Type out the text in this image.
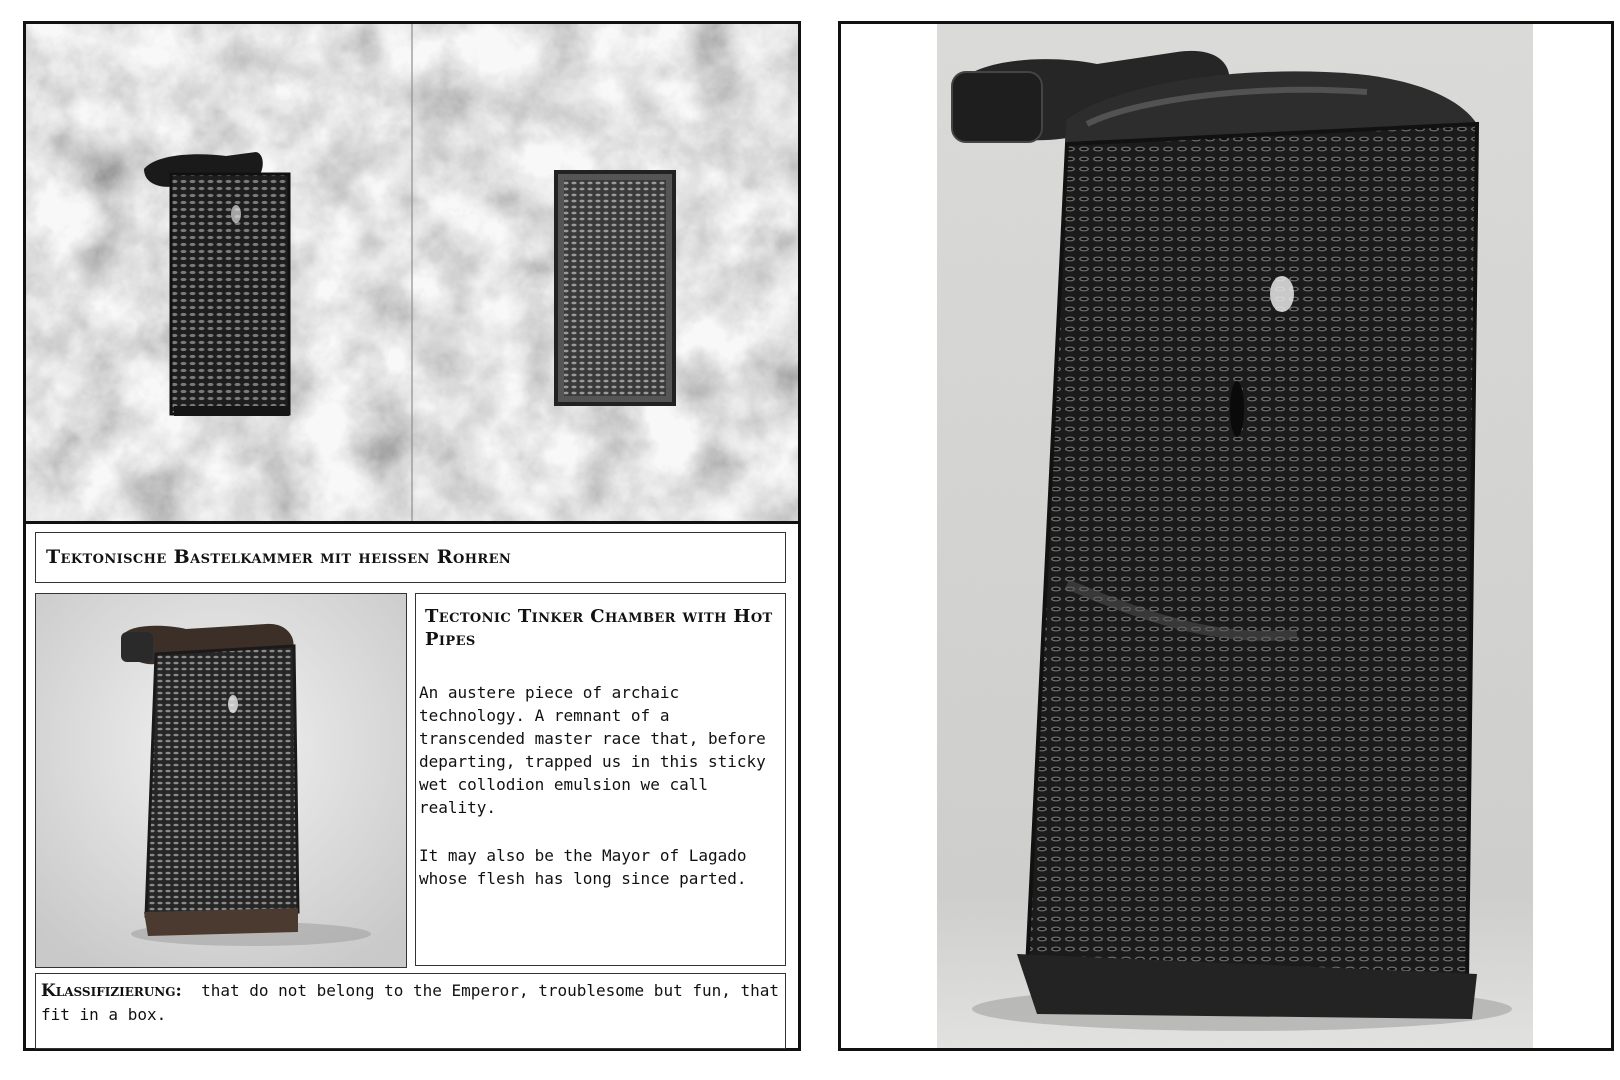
Tektonische Bastelkammer mit heissen Rohren
Tectonic Tinker Chamber with Hot Pipes
An austere piece of archaic technology. A remnant of a transcended master race that, before departing, trapped us in this sticky wet collodion emulsion we call reality.
It may also be the Mayor of Lagado whose flesh has long since parted.
Klassifizierung: that do not belong to the Emperor, troublesome but fun, that fit in a box.
